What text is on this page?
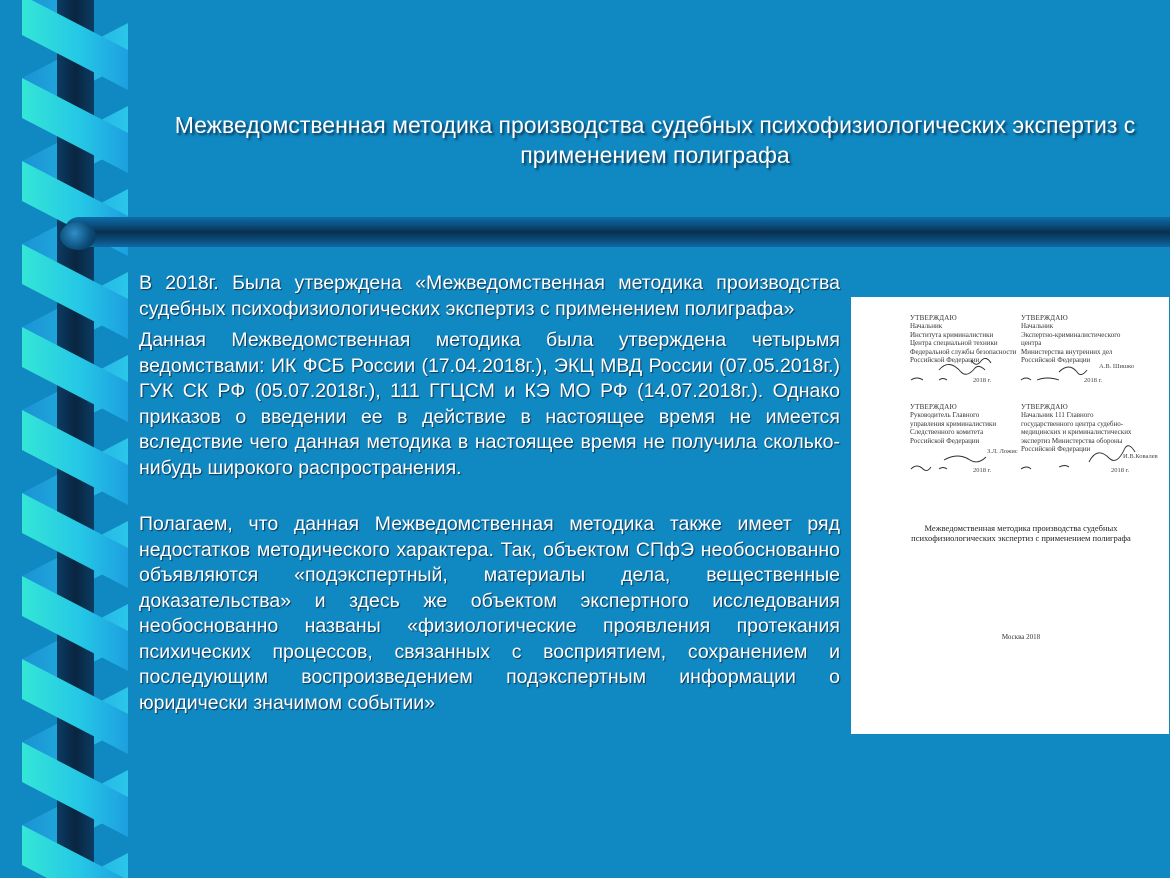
Межведомственная методика производства судебных психофизиологических экспертиз с применением полиграфа

В 2018г. Была утверждена «Межведомственная методика производства судебных психофизиологических экспертиз с применением полиграфа»

Данная Межведомственная методика была утверждена четырьмя ведомствами: ИК ФСБ России (17.04.2018г.), ЭКЦ МВД России (07.05.2018г.) ГУК СК РФ (05.07.2018г.), 111 ГГЦСМ и КЭ МО РФ (14.07.2018г.). Однако приказов о введении ее в действие в настоящее время не имеется вследствие чего данная методика в настоящее время не получила сколько-нибудь широкого распространения.

Полагаем, что данная Межведомственная методика также имеет ряд недостатков методического характера. Так, объектом СПфЭ необоснованно объявляются «подэкспертный, материалы дела, вещественные доказательства» и здесь же объектом экспертного исследования необоснованно названы «физиологические проявления протекания психических процессов, связанных с восприятием, сохранением и последующим воспроизведением подэкспертным информации о юридически значимом событии»

УТВЕРЖДАЮ
Начальник
Института криминалистики
Центра специальной техники
Федеральной службы безопасности
Российской Федерации
УТВЕРЖДАЮ
Начальник
Экспертно-криминалистического
центра
Министерства внутренних дел
Российской Федерации
А.В. Шишко
2018 г.	2018 г.
УТВЕРЖДАЮ
Руководитель Главного
управления криминалистики
Следственного комитета
Российской Федерации
УТВЕРЖДАЮ
Начальник 111 Главного
государственного центра судебно-
медицинских и криминалистических
экспертиз Министерства обороны
Российской Федерации
З.Л. Ложис
И.В.Ковалев
2018 г.	2018 г.
Межведомственная методика производства судебных психофизиологических экспертиз с применением полиграфа
Москва 2018
